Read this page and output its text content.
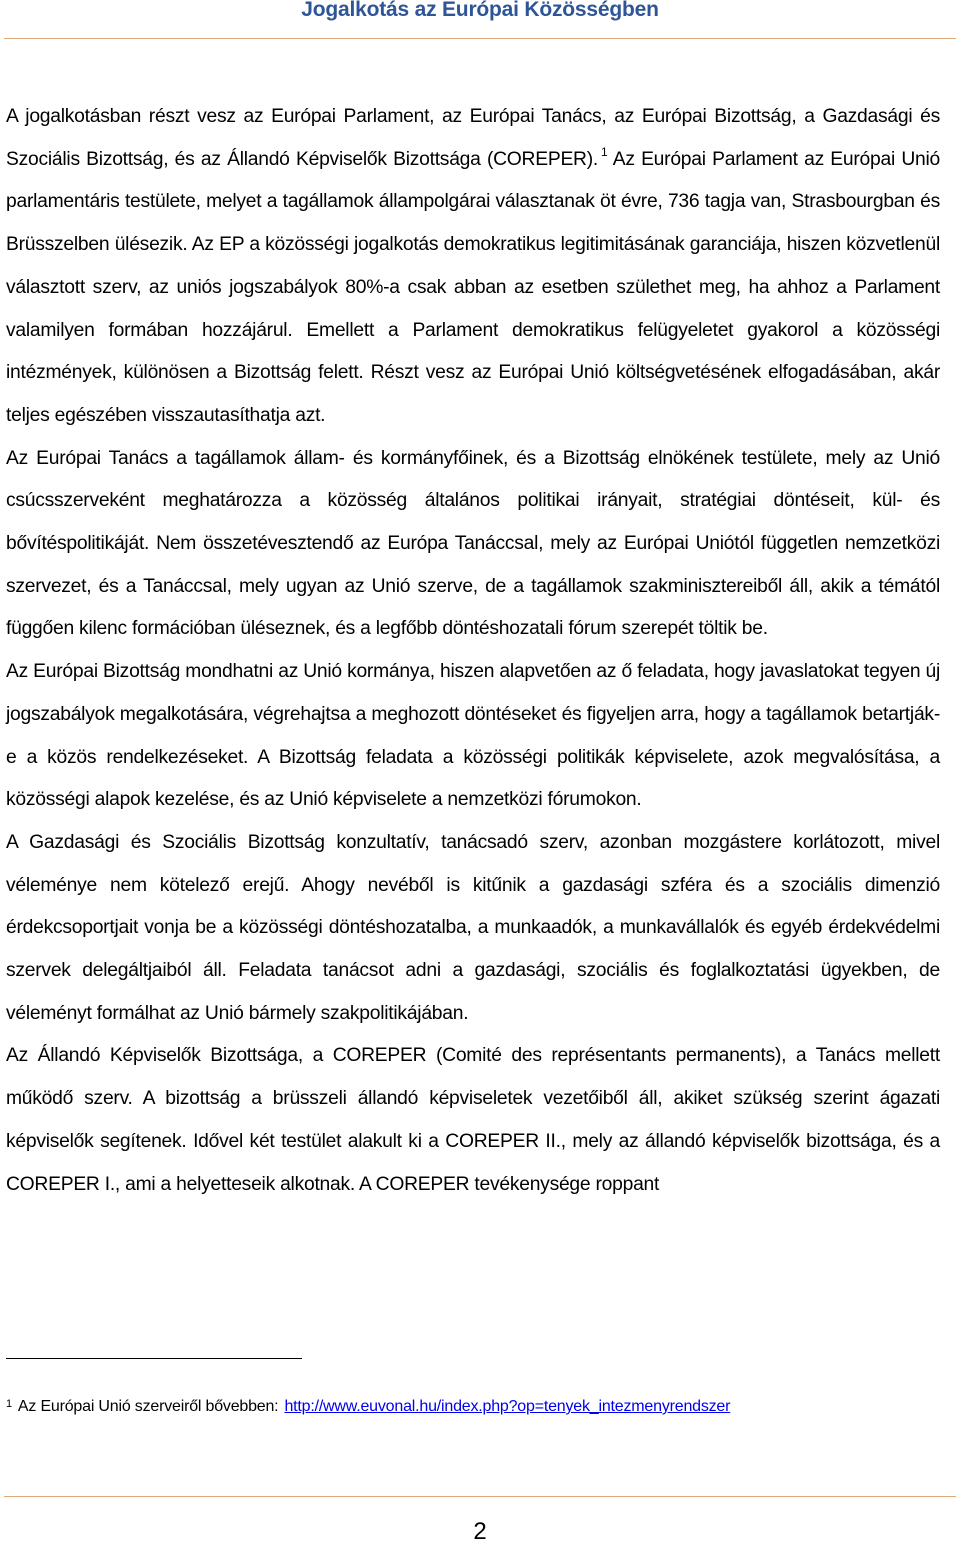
Jogalkotás az Európai Közösségben

A jogalkotásban részt vesz az Európai Parlament, az Európai Tanács, az Európai Bizottság, a Gazdasági és Szociális Bizottság, és az Állandó Képviselők Bizottsága (COREPER). $^1$ Az Európai Parlament az Európai Unió parlamentáris testülete, melyet a tagállamok állampolgárai választanak öt évre, 736 tagja van, Strasbourgban és Brüsszelben ülésezik. Az EP a közösségi jogalkotás demokratikus legitimitásának garanciája, hiszen közvetlenül választott szerv, az uniós jogszabályok 80%-a csak abban az esetben születhet meg, ha ahhoz a Parlament valamilyen formában hozzájárul. Emellett a Parlament demokratikus felügyeletet gyakorol a közösségi intézmények, különösen a Bizottság felett. Részt vesz az Európai Unió költségvetésének elfogadásában, akár teljes egészében visszautasíthatja azt.

Az Európai Tanács a tagállamok állam- és kormányfőinek, és a Bizottság elnökének testülete, mely az Unió csúcsszerveként meghatározza a közösség általános politikai irányait, stratégiai döntéseit, kül- és bővítéspolitikáját. Nem összetévesztendő az Európa Tanáccsal, mely az Európai Uniótól független nemzetközi szervezet, és a Tanáccsal, mely ugyan az Unió szerve, de a tagállamok szakminisztereiből áll, akik a témától függően kilenc formációban üléseznek, és a legfőbb döntéshozatali fórum szerepét töltik be.

Az Európai Bizottság mondhatni az Unió kormánya, hiszen alapvetően az ő feladata, hogy javaslatokat tegyen új jogszabályok megalkotására, végrehajtsa a meghozott döntéseket és figyeljen arra, hogy a tagállamok betartják-e a közös rendelkezéseket. A Bizottság feladata a közösségi politikák képviselete, azok megvalósítása, a közösségi alapok kezelése, és az Unió képviselete a nemzetközi fórumokon.

A Gazdasági és Szociális Bizottság konzultatív, tanácsadó szerv, azonban mozgástere korlátozott, mivel véleménye nem kötelező erejű. Ahogy nevéből is kitűnik a gazdasági szféra és a szociális dimenzió érdekcsoportjait vonja be a közösségi döntéshozatalba, a munkaadók, a munkavállalók és egyéb érdekvédelmi szervek delegáltjaiból áll. Feladata tanácsot adni a gazdasági, szociális és foglalkoztatási ügyekben, de véleményt formálhat az Unió bármely szakpolitikájában.

Az Állandó Képviselők Bizottsága, a COREPER (Comité des représentants permanents), a Tanács mellett működő szerv. A bizottság a brüsszeli állandó képviseletek vezetőiből áll, akiket szükség szerint ágazati képviselők segítenek. Idővel két testület alakult ki a COREPER II., mely az állandó képviselők bizottsága, és a COREPER I., ami a helyetteseik alkotnak. A COREPER tevékenysége roppant

$^1$ Az Európai Unió szerveiről bővebben: http://www.euvonal.hu/index.php?op=tenyek_intezmenyrendszer
2
